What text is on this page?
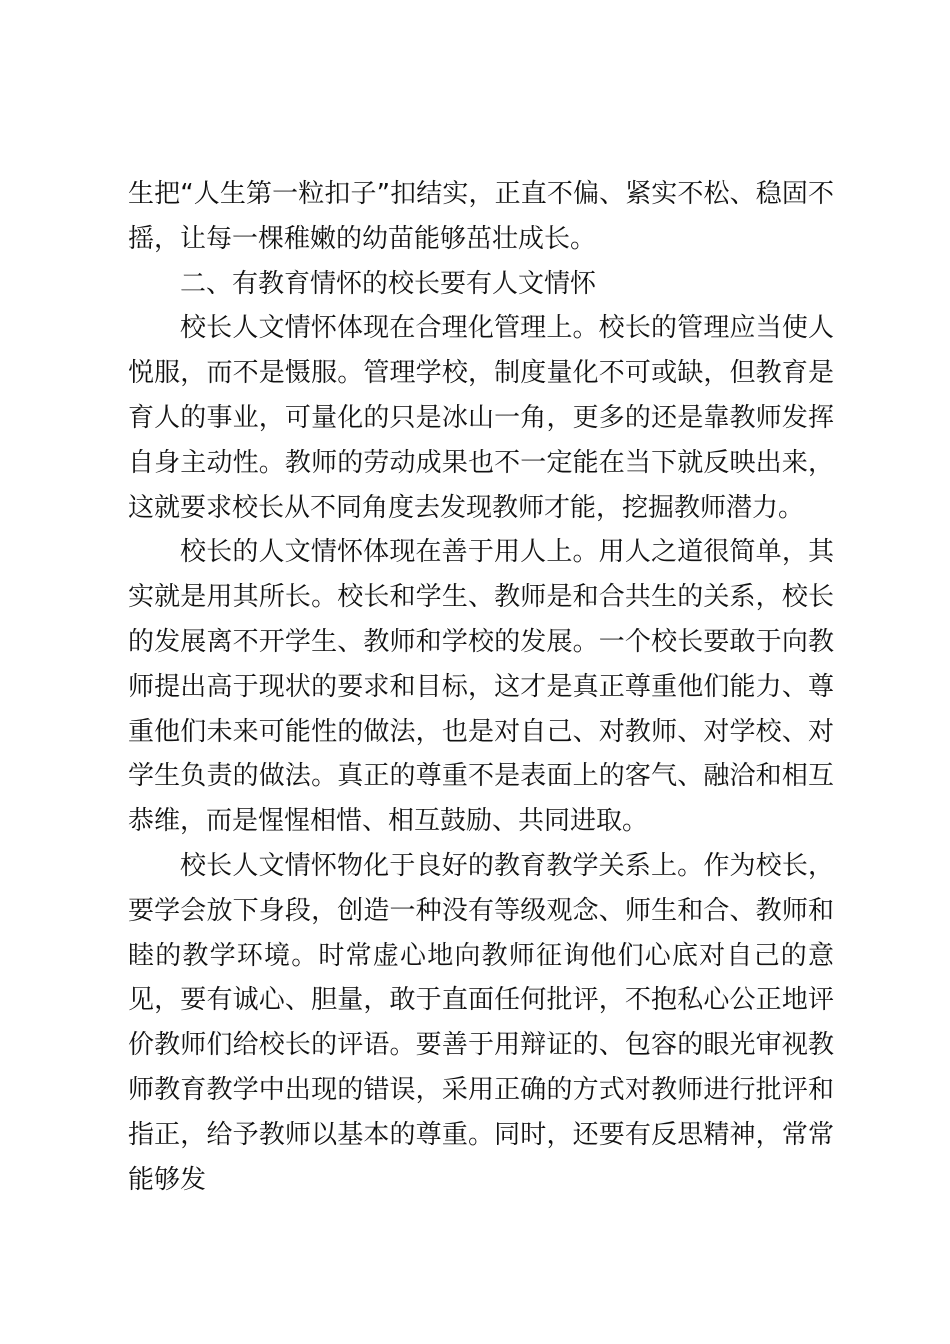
生把“人生第一粒扣子”扣结实，正直不偏、紧实不松、稳固不摇，让每一棵稚嫩的幼苗能够茁壮成长。

二、有教育情怀的校长要有人文情怀

校长人文情怀体现在合理化管理上。校长的管理应当使人悦服，而不是慑服。管理学校，制度量化不可或缺，但教育是育人的事业，可量化的只是冰山一角，更多的还是靠教师发挥自身主动性。教师的劳动成果也不一定能在当下就反映出来，这就要求校长从不同角度去发现教师才能，挖掘教师潜力。

校长的人文情怀体现在善于用人上。用人之道很简单，其实就是用其所长。校长和学生、教师是和合共生的关系，校长的发展离不开学生、教师和学校的发展。一个校长要敢于向教师提出高于现状的要求和目标，这才是真正尊重他们能力、尊重他们未来可能性的做法，也是对自己、对教师、对学校、对学生负责的做法。真正的尊重不是表面上的客气、融洽和相互恭维，而是惺惺相惜、相互鼓励、共同进取。

校长人文情怀物化于良好的教育教学关系上。作为校长，要学会放下身段，创造一种没有等级观念、师生和合、教师和睦的教学环境。时常虚心地向教师征询他们心底对自己的意见，要有诚心、胆量，敢于直面任何批评，不抱私心公正地评价教师们给校长的评语。要善于用辩证的、包容的眼光审视教师教育教学中出现的错误，采用正确的方式对教师进行批评和指正，给予教师以基本的尊重。同时，还要有反思精神，常常能够发
